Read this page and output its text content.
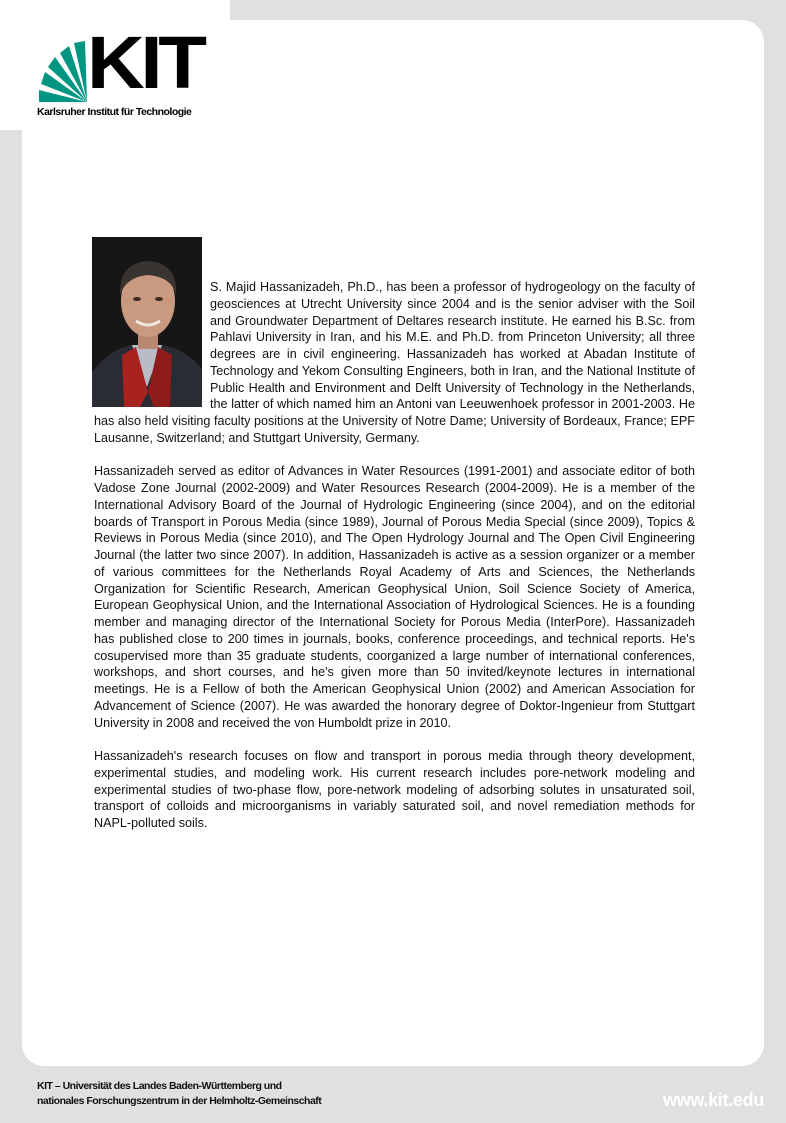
KIT
Karlsruher Institut für Technologie

S. Majid Hassanizadeh, Ph.D., has been a professor of hydrogeology on the faculty of geosciences at Utrecht University since 2004 and is the senior adviser with the Soil and Groundwater Department of Deltares research institute. He earned his B.Sc. from Pahlavi University in Iran, and his M.E. and Ph.D. from Princeton University; all three degrees are in civil engineering. Hassanizadeh has worked at Abadan Institute of Technology and Yekom Consulting Engineers, both in Iran, and the National Institute of Public Health and Environment and Delft University of Technology in the Netherlands, the latter of which named him an Antoni van Leeuwenhoek professor in 2001-2003. He has also held visiting faculty positions at the University of Notre Dame; University of Bordeaux, France; EPF Lausanne, Switzerland; and Stuttgart University, Germany.

Hassanizadeh served as editor of Advances in Water Resources (1991-2001) and associate editor of both Vadose Zone Journal (2002-2009) and Water Resources Research (2004-2009). He is a member of the International Advisory Board of the Journal of Hydrologic Engineering (since 2004), and on the editorial boards of Transport in Porous Media (since 1989), Journal of Porous Media Special (since 2009), Topics & Reviews in Porous Media (since 2010), and The Open Hydrology Journal and The Open Civil Engineering Journal (the latter two since 2007). In addition, Hassanizadeh is active as a session organizer or a member of various committees for the Netherlands Royal Academy of Arts and Sciences, the Netherlands Organization for Scientific Research, American Geophysical Union, Soil Science Society of America, European Geophysical Union, and the International Association of Hydrological Sciences. He is a founding member and managing director of the International Society for Porous Media (InterPore). Hassanizadeh has published close to 200 times in journals, books, conference proceedings, and technical reports. He's cosupervised more than 35 graduate students, coorganized a large number of international conferences, workshops, and short courses, and he's given more than 50 invited/keynote lectures in international meetings. He is a Fellow of both the American Geophysical Union (2002) and American Association for Advancement of Science (2007). He was awarded the honorary degree of Doktor-Ingenieur from Stuttgart University in 2008 and received the von Humboldt prize in 2010.

Hassanizadeh's research focuses on flow and transport in porous media through theory development, experimental studies, and modeling work. His current research includes pore-network modeling and experimental studies of two-phase flow, pore-network modeling of adsorbing solutes in unsaturated soil, transport of colloids and microorganisms in variably saturated soil, and novel remediation methods for NAPL-polluted soils.

KIT – Universität des Landes Baden-Württemberg und
nationales Forschungszentrum in der Helmholtz-Gemeinschaft	www.kit.edu
